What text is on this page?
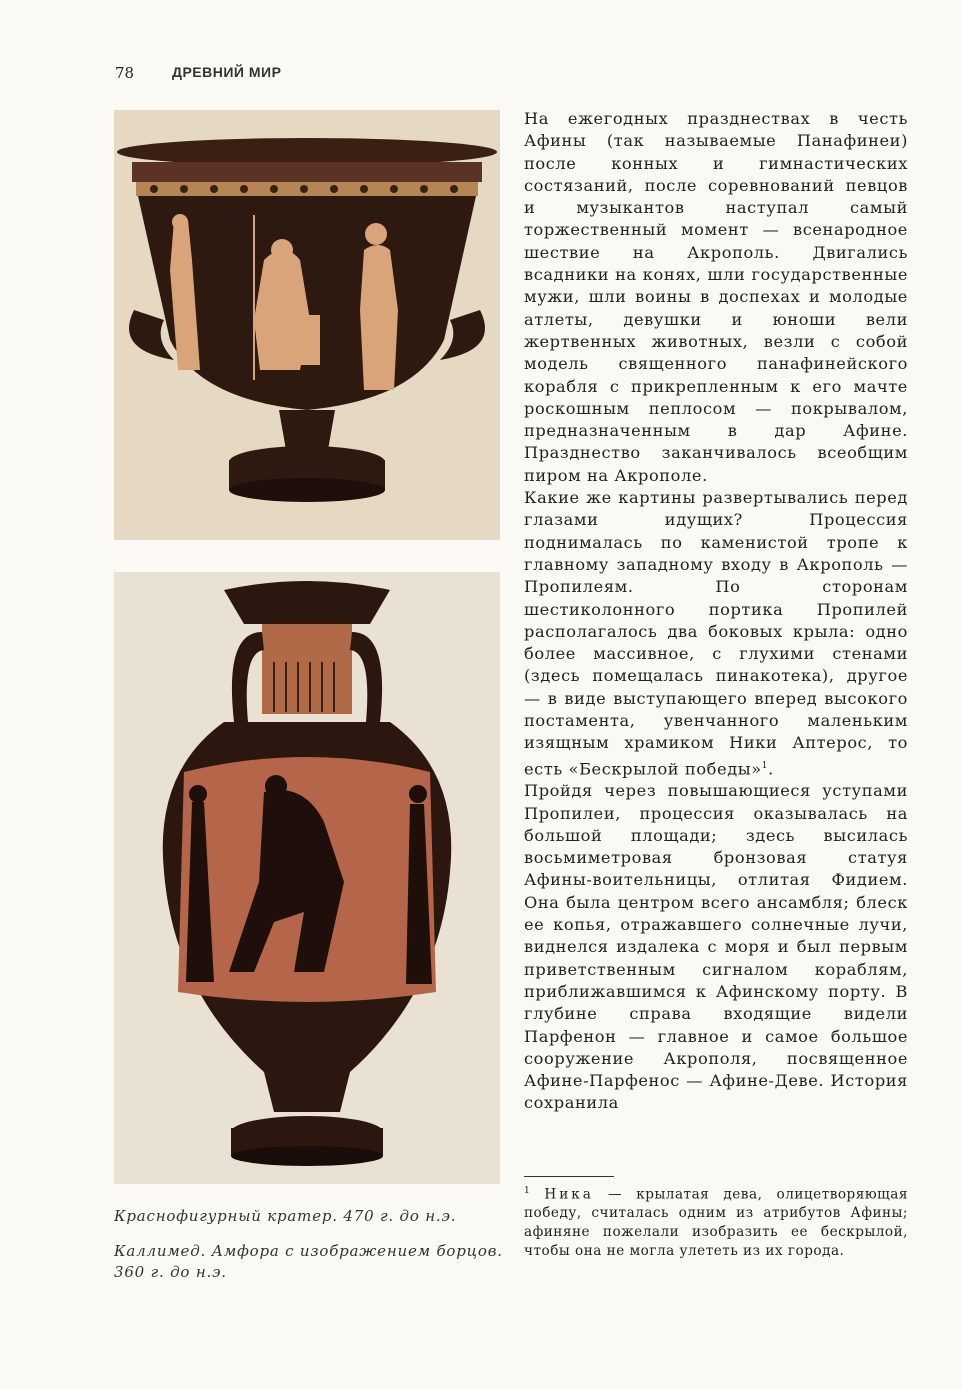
78	ДРЕВНИЙ МИР

Краснофигурный кратер. 470 г. до н.э.

Каллимед. Амфора с изображением борцов. 360 г. до н.э.

На ежегодных празднествах в честь Афины (так называемые Панафинеи) после конных и гимнастических состязаний, после соревнований певцов и музыкантов наступал самый торжественный момент — всенародное шествие на Акрополь. Двигались всадники на конях, шли государственные мужи, шли воины в доспехах и молодые атлеты, девушки и юноши вели жертвенных животных, везли с собой модель священного панафинейского корабля с прикрепленным к его мачте роскошным пеплосом — покрывалом, предназначенным в дар Афине. Празднество заканчивалось всеобщим пиром на Акрополе.

Какие же картины развертывались перед глазами идущих? Процессия поднималась по каменистой тропе к главному западному входу в Акрополь — Пропилеям. По сторонам шестиколонного портика Пропилей располагалось два боковых крыла: одно более массивное, с глухими стенами (здесь помещалась пинакотека), другое — в виде выступающего вперед высокого постамента, увенчанного маленьким изящным храмиком Ники Аптерос, то есть «Бескрылой победы»$^1$.

Пройдя через повышающиеся уступами Пропилеи, процессия оказывалась на большой площади; здесь высилась восьмиметровая бронзовая статуя Афины-воительницы, отлитая Фидием. Она была центром всего ансамбля; блеск ее копья, отражавшего солнечные лучи, виднелся издалека с моря и был первым приветственным сигналом кораблям, приближавшимся к Афинскому порту. В глубине справа входящие видели Парфенон — главное и самое большое сооружение Акрополя, посвященное Афине-Парфенос — Афине-Деве. История сохранила

$^1$ Ника — крылатая дева, олицетворяющая победу, считалась одним из атрибутов Афины; афиняне пожелали изобразить ее бескрылой, чтобы она не могла улететь из их города.
